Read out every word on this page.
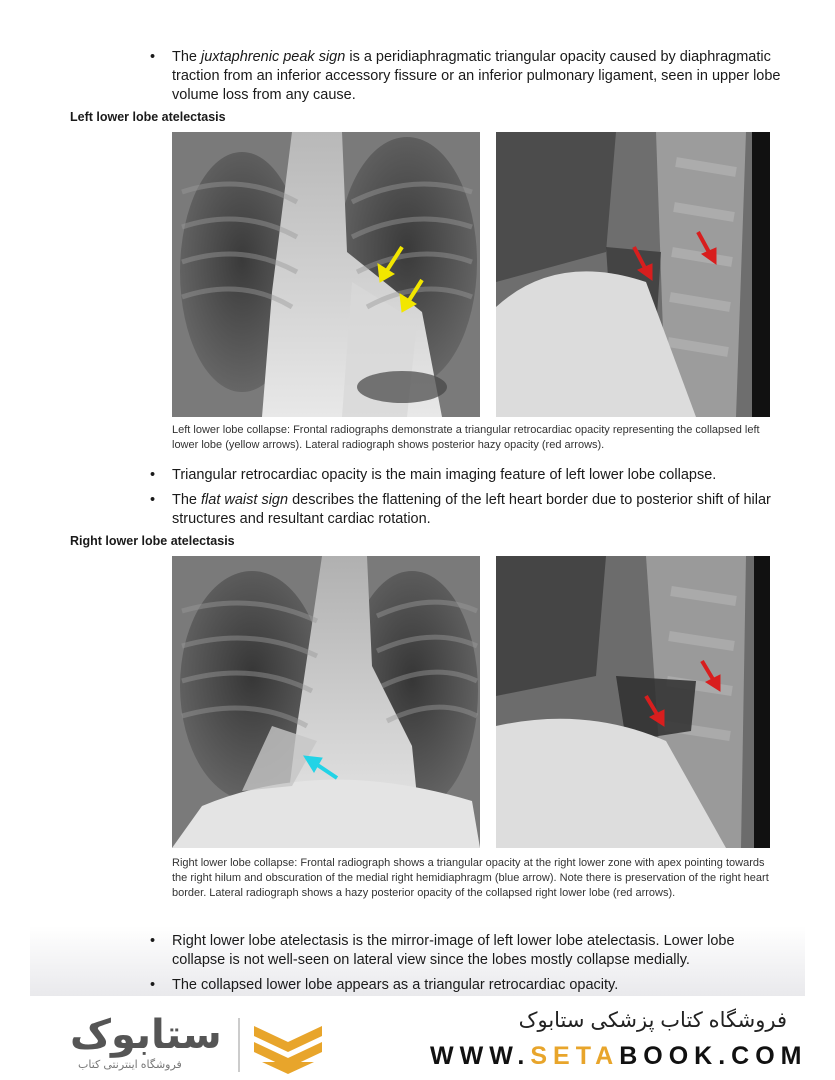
• The juxtaphrenic peak sign is a peridiaphragmatic triangular opacity caused by diaphragmatic traction from an inferior accessory fissure or an inferior pulmonary ligament, seen in upper lobe volume loss from any cause.
Left lower lobe atelectasis
Left lower lobe collapse: Frontal radiographs demonstrate a triangular retrocardiac opacity representing the collapsed left lower lobe (yellow arrows). Lateral radiograph shows posterior hazy opacity (red arrows).
• Triangular retrocardiac opacity is the main imaging feature of left lower lobe collapse.
• The flat waist sign describes the flattening of the left heart border due to posterior shift of hilar structures and resultant cardiac rotation.
Right lower lobe atelectasis
Right lower lobe collapse: Frontal radiograph shows a triangular opacity at the right lower zone with apex pointing towards the right hilum and obscuration of the medial right hemidiaphragm (blue arrow). Note there is preservation of the right heart border. Lateral radiograph shows a hazy posterior opacity of the collapsed right lower lobe (red arrows).
• Right lower lobe atelectasis is the mirror-image of left lower lobe atelectasis. Lower lobe collapse is not well-seen on lateral view since the lobes mostly collapse medially.
• The collapsed lower lobe appears as a triangular retrocardiac opacity.
ستابوک
فروشگاه اینترنتی کتاب
فروشگاه کتاب پزشکی ستابوک
WWW.SETABOOK.COM
